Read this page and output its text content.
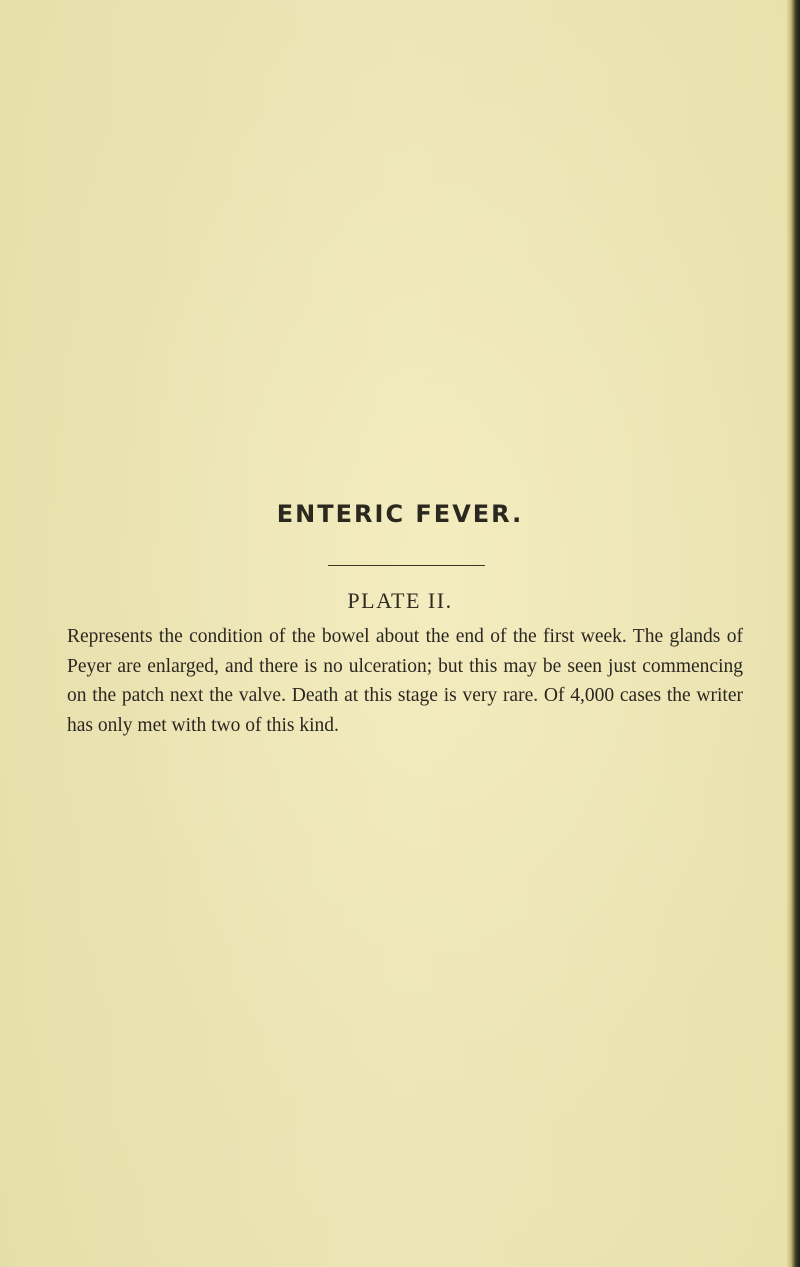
ENTERIC FEVER.
PLATE II.

Represents the condition of the bowel about the end of the first week. The glands of Peyer are enlarged, and there is no ulceration; but this may be seen just commencing on the patch next the valve. Death at this stage is very rare. Of 4,000 cases the writer has only met with two of this kind.
